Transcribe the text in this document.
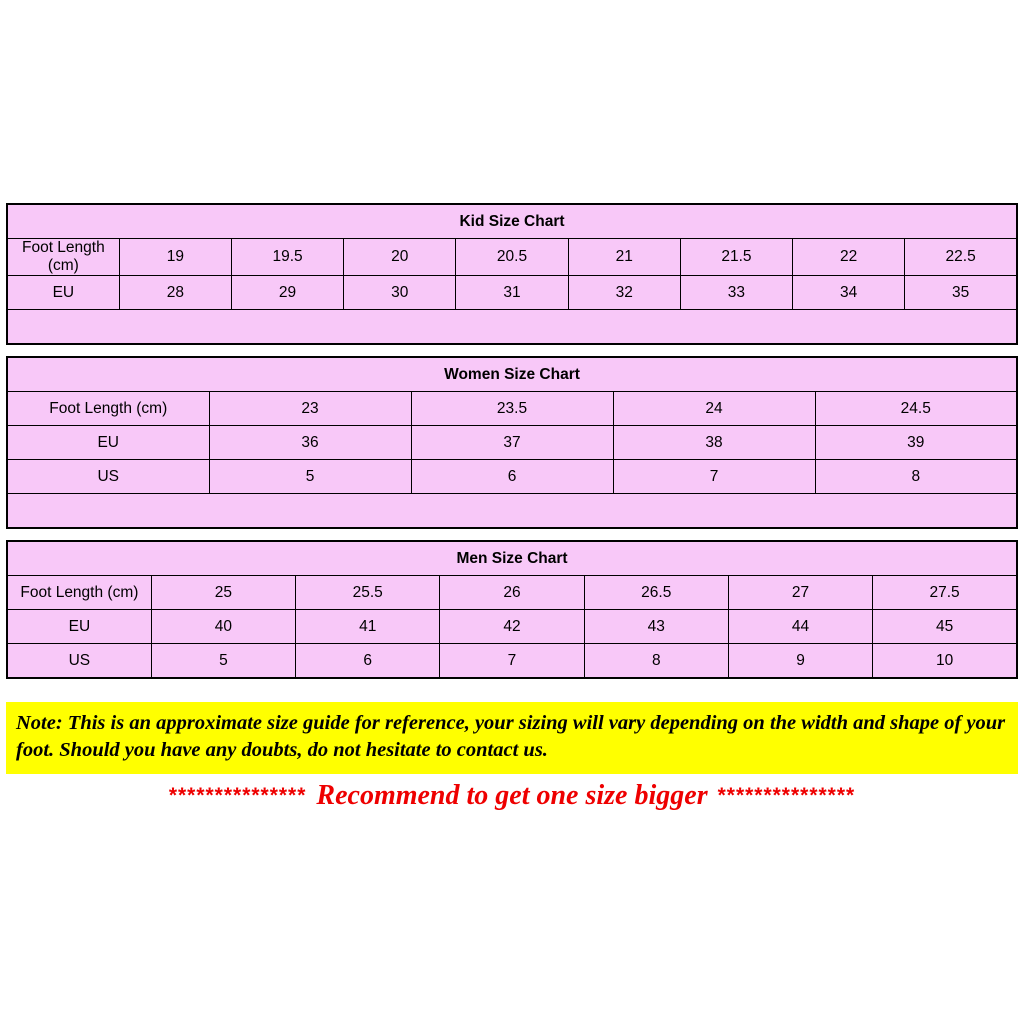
Kid Size Chart								
Foot Length (cm)	19	19.5	20	20.5	21	21.5	22	22.5
EU	28	29	30	31	32	33	34	35

Women Size Chart				
Foot Length (cm)	23	23.5	24	24.5
EU	36	37	38	39
US	5	6	7	8

Men Size Chart						
Foot Length (cm)	25	25.5	26	26.5	27	27.5
EU	40	41	42	43	44	45
US	5	6	7	8	9	10
Note: This is an approximate size guide for reference, your sizing will vary depending on the width and shape of your foot. Should you have any doubts, do not hesitate to contact us.
*************** Recommend to get one size bigger ***************
